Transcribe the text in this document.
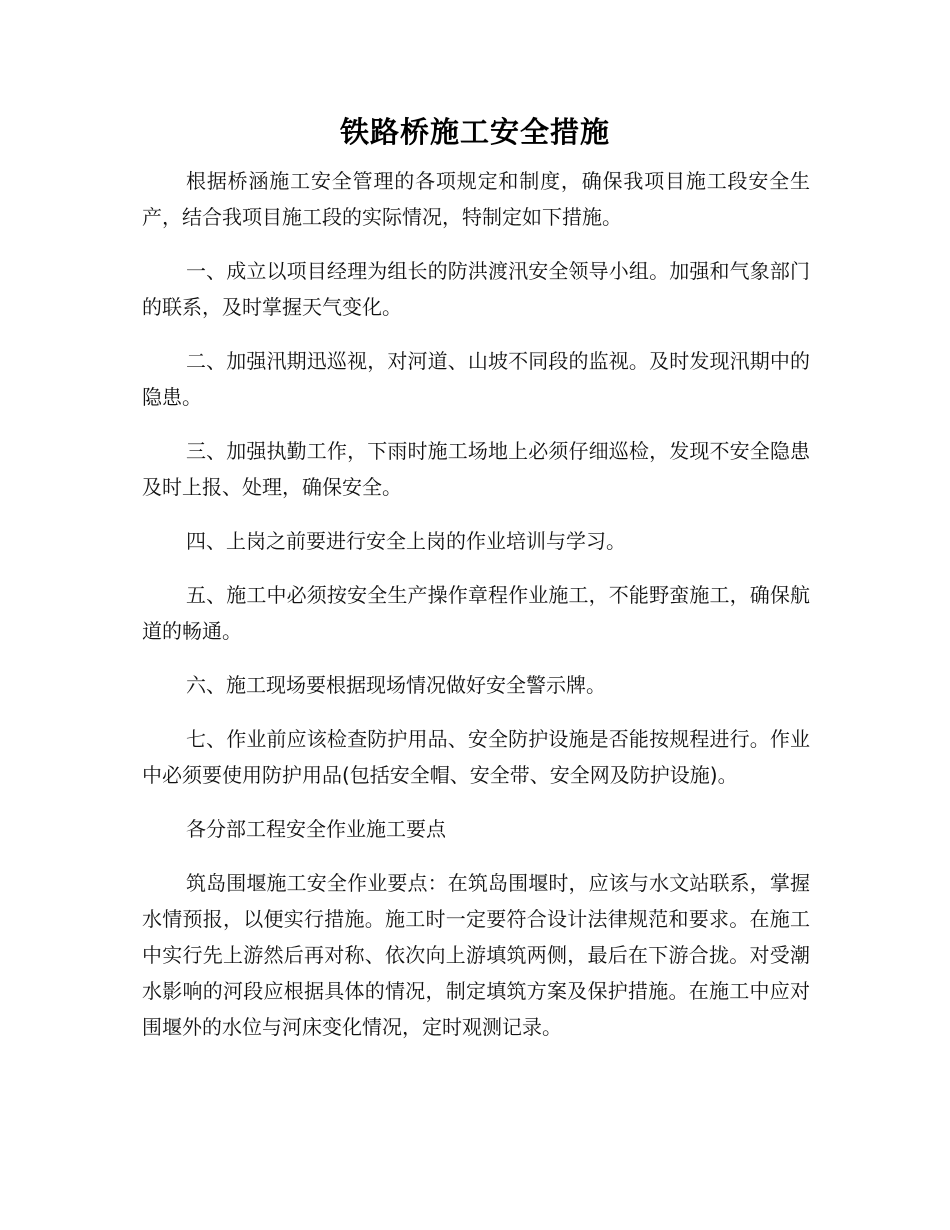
铁路桥施工安全措施

根据桥涵施工安全管理的各项规定和制度，确保我项目施工段安全生产，结合我项目施工段的实际情况，特制定如下措施。

一、成立以项目经理为组长的防洪渡汛安全领导小组。加强和气象部门的联系，及时掌握天气变化。

二、加强汛期迅巡视，对河道、山坡不同段的监视。及时发现汛期中的隐患。

三、加强执勤工作，下雨时施工场地上必须仔细巡检，发现不安全隐患及时上报、处理，确保安全。

四、上岗之前要进行安全上岗的作业培训与学习。

五、施工中必须按安全生产操作章程作业施工，不能野蛮施工，确保航道的畅通。

六、施工现场要根据现场情况做好安全警示牌。

七、作业前应该检查防护用品、安全防护设施是否能按规程进行。作业中必须要使用防护用品(包括安全帽、安全带、安全网及防护设施)。

各分部工程安全作业施工要点

筑岛围堰施工安全作业要点：在筑岛围堰时，应该与水文站联系，掌握水情预报，以便实行措施。施工时一定要符合设计法律规范和要求。在施工中实行先上游然后再对称、依次向上游填筑两侧，最后在下游合拢。对受潮水影响的河段应根据具体的情况，制定填筑方案及保护措施。在施工中应对围堰外的水位与河床变化情况，定时观测记录。
